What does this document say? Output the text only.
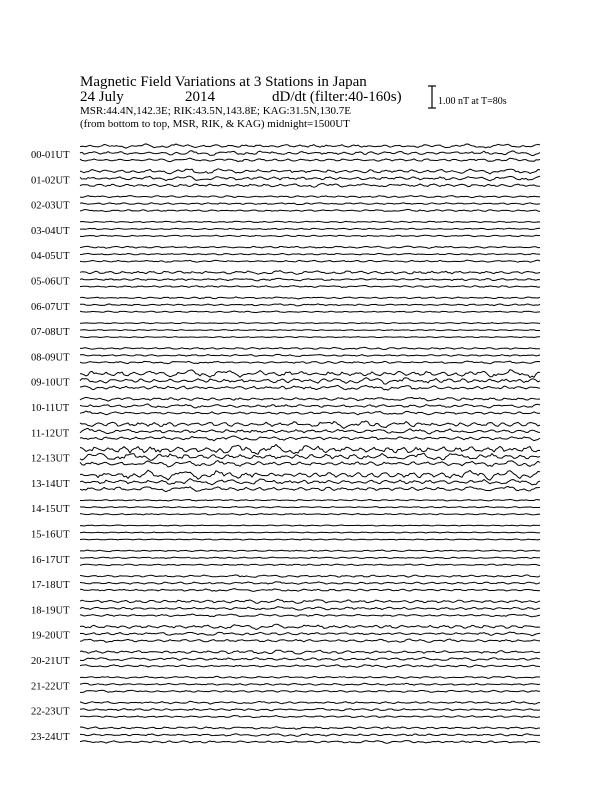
Magnetic Field Variations at 3 Stations in Japan
24 July	2014	dD/dt (filter:40-160s)
MSR:44.4N,142.3E; RIK:43.5N,143.8E; KAG:31.5N,130.7E
(from bottom to top, MSR, RIK, & KAG) midnight=1500UT
1.00 nT at T=80s
00-01UT
01-02UT
02-03UT
03-04UT
04-05UT
05-06UT
06-07UT
07-08UT
08-09UT
09-10UT
10-11UT
11-12UT
12-13UT
13-14UT
14-15UT
15-16UT
16-17UT
17-18UT
18-19UT
19-20UT
20-21UT
21-22UT
22-23UT
23-24UT
